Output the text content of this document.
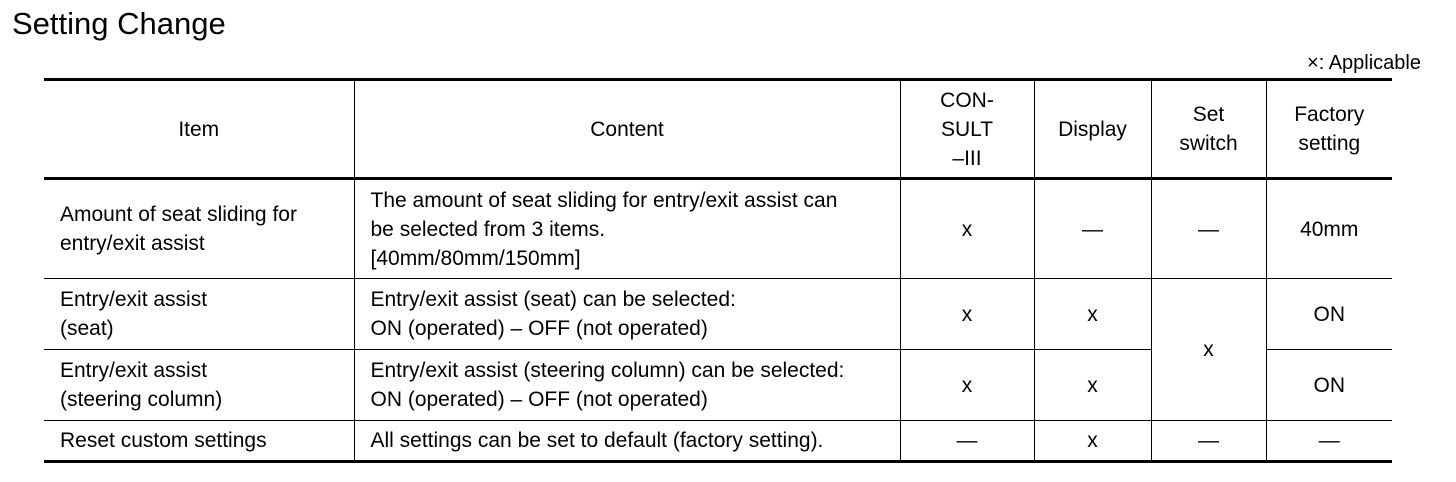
Setting Change
×: Applicable
Item	Content	CON-
SULT
–III	Display	Set
switch	Factory
setting
Amount of seat sliding for
entry/exit assist	The amount of seat sliding for entry/exit assist can
be selected from 3 items.
[40mm/80mm/150mm]	x	—	—	40mm
Entry/exit assist
(seat)	Entry/exit assist (seat) can be selected:
ON (operated) – OFF (not operated)	x	x	x	ON
Entry/exit assist
(steering column)	Entry/exit assist (steering column) can be selected:
ON (operated) – OFF (not operated)	x	x		ON
Reset custom settings	All settings can be set to default (factory setting).	—	x	—	—
